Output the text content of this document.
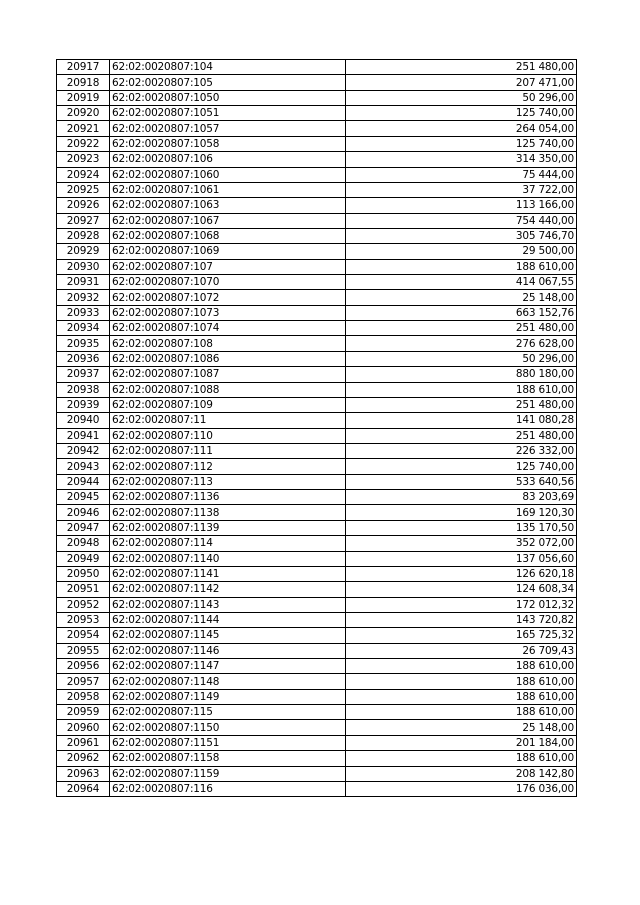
20917	62:02:0020807:104	251 480,00
20918	62:02:0020807:105	207 471,00
20919	62:02:0020807:1050	50 296,00
20920	62:02:0020807:1051	125 740,00
20921	62:02:0020807:1057	264 054,00
20922	62:02:0020807:1058	125 740,00
20923	62:02:0020807:106	314 350,00
20924	62:02:0020807:1060	75 444,00
20925	62:02:0020807:1061	37 722,00
20926	62:02:0020807:1063	113 166,00
20927	62:02:0020807:1067	754 440,00
20928	62:02:0020807:1068	305 746,70
20929	62:02:0020807:1069	29 500,00
20930	62:02:0020807:107	188 610,00
20931	62:02:0020807:1070	414 067,55
20932	62:02:0020807:1072	25 148,00
20933	62:02:0020807:1073	663 152,76
20934	62:02:0020807:1074	251 480,00
20935	62:02:0020807:108	276 628,00
20936	62:02:0020807:1086	50 296,00
20937	62:02:0020807:1087	880 180,00
20938	62:02:0020807:1088	188 610,00
20939	62:02:0020807:109	251 480,00
20940	62:02:0020807:11	141 080,28
20941	62:02:0020807:110	251 480,00
20942	62:02:0020807:111	226 332,00
20943	62:02:0020807:112	125 740,00
20944	62:02:0020807:113	533 640,56
20945	62:02:0020807:1136	83 203,69
20946	62:02:0020807:1138	169 120,30
20947	62:02:0020807:1139	135 170,50
20948	62:02:0020807:114	352 072,00
20949	62:02:0020807:1140	137 056,60
20950	62:02:0020807:1141	126 620,18
20951	62:02:0020807:1142	124 608,34
20952	62:02:0020807:1143	172 012,32
20953	62:02:0020807:1144	143 720,82
20954	62:02:0020807:1145	165 725,32
20955	62:02:0020807:1146	26 709,43
20956	62:02:0020807:1147	188 610,00
20957	62:02:0020807:1148	188 610,00
20958	62:02:0020807:1149	188 610,00
20959	62:02:0020807:115	188 610,00
20960	62:02:0020807:1150	25 148,00
20961	62:02:0020807:1151	201 184,00
20962	62:02:0020807:1158	188 610,00
20963	62:02:0020807:1159	208 142,80
20964	62:02:0020807:116	176 036,00
